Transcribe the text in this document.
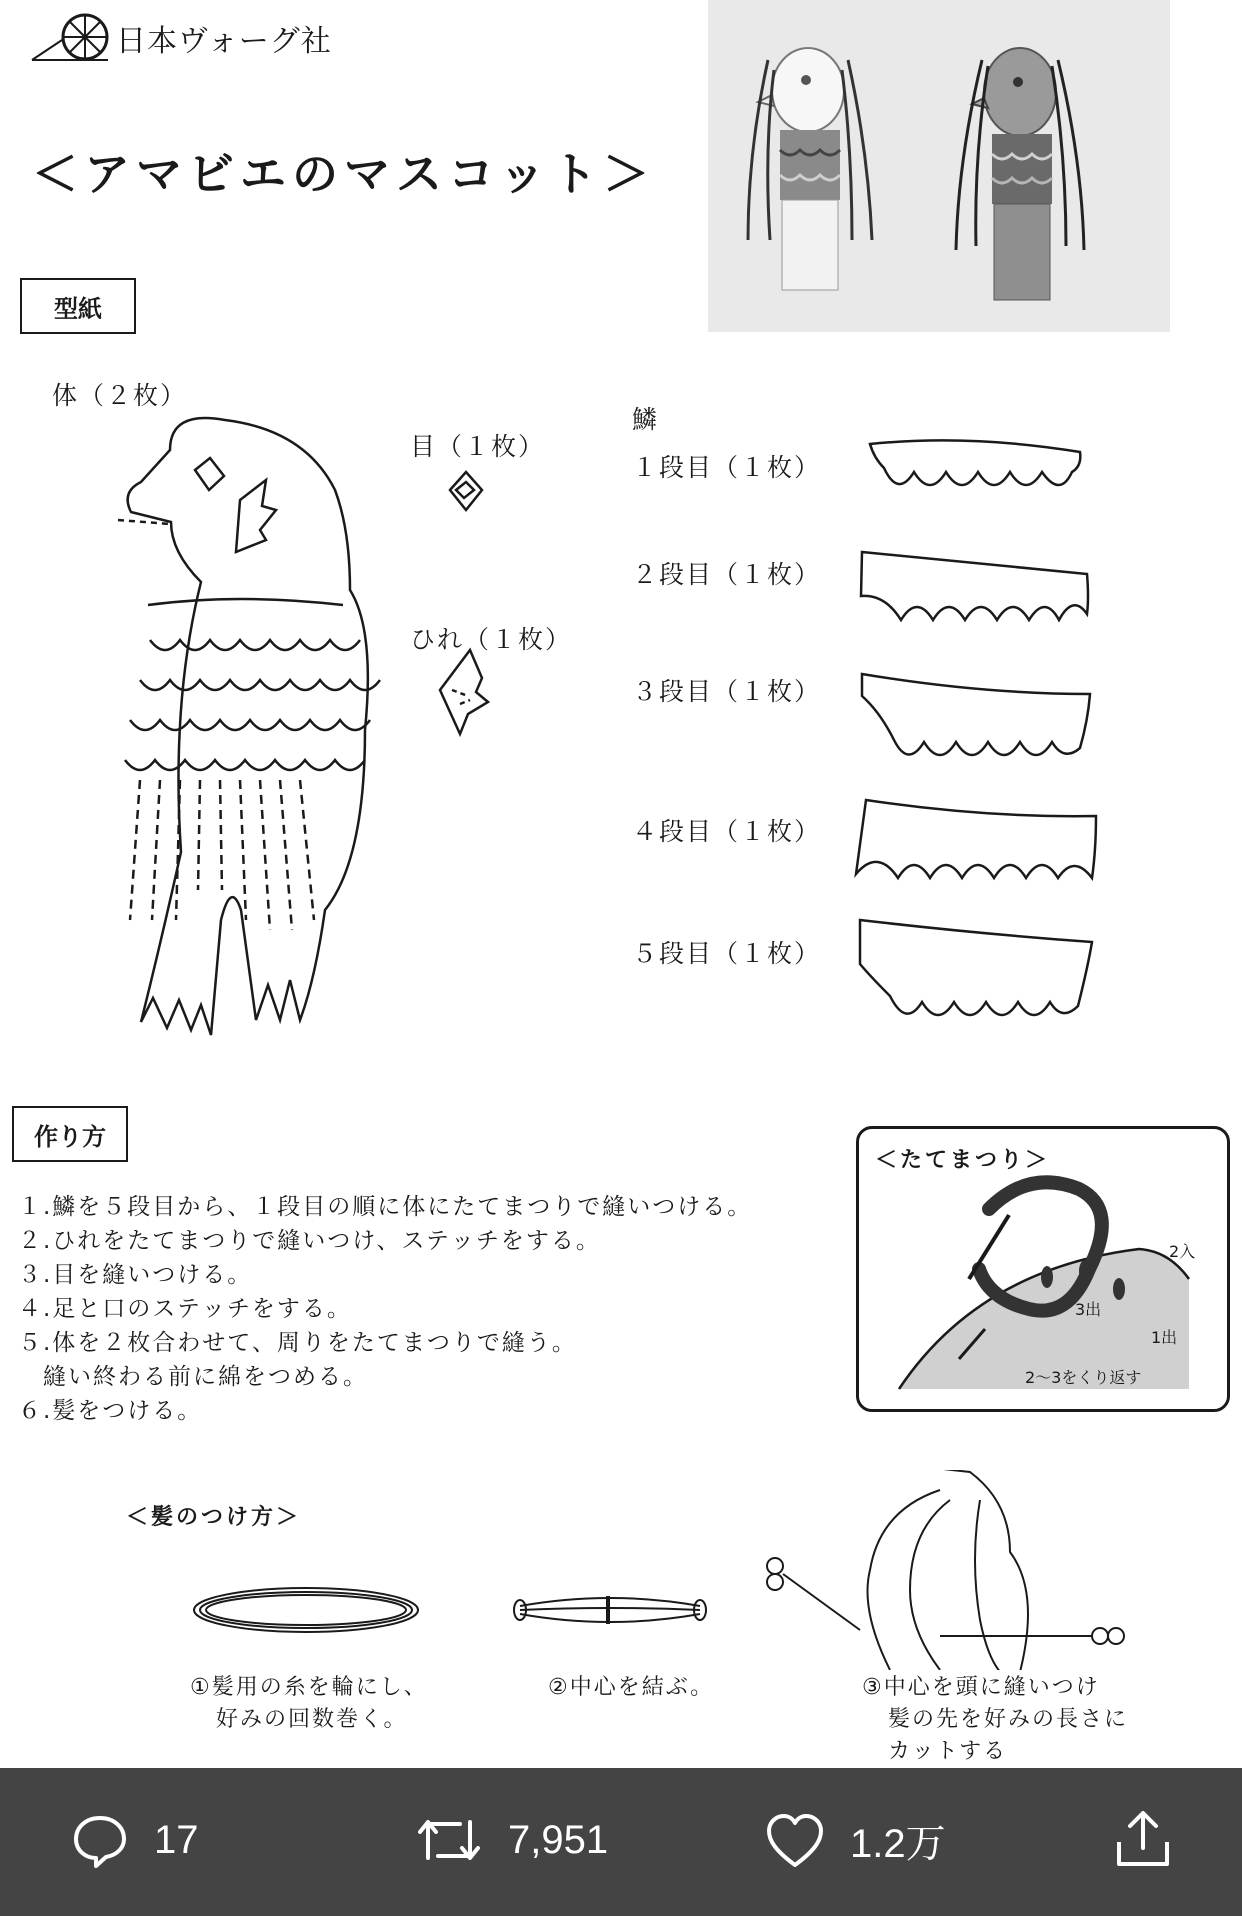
日本ヴォーグ社
＜アマビエのマスコット＞
型紙
体（２枚）
目（１枚）
ひれ（１枚）
鱗
１段目（１枚）
２段目（１枚）
３段目（１枚）
４段目（１枚）
５段目（１枚）
作り方
１.鱗を５段目から、１段目の順に体にたてまつりで縫いつける。
２.ひれをたてまつりで縫いつけ、ステッチをする。
３.目を縫いつける。
４.足と口のステッチをする。
５.体を２枚合わせて、周りをたてまつりで縫う。
　縫い終わる前に綿をつめる。
６.髪をつける。
＜たてまつり＞
2入
3出
1出
2〜3をくり返す
＜髪のつけ方＞
①髪用の糸を輪にし、
好みの回数巻く。
②中心を結ぶ。	③中心を頭に縫いつけ
髪の先を好みの長さに
カットする
17	7,951	1.2万
